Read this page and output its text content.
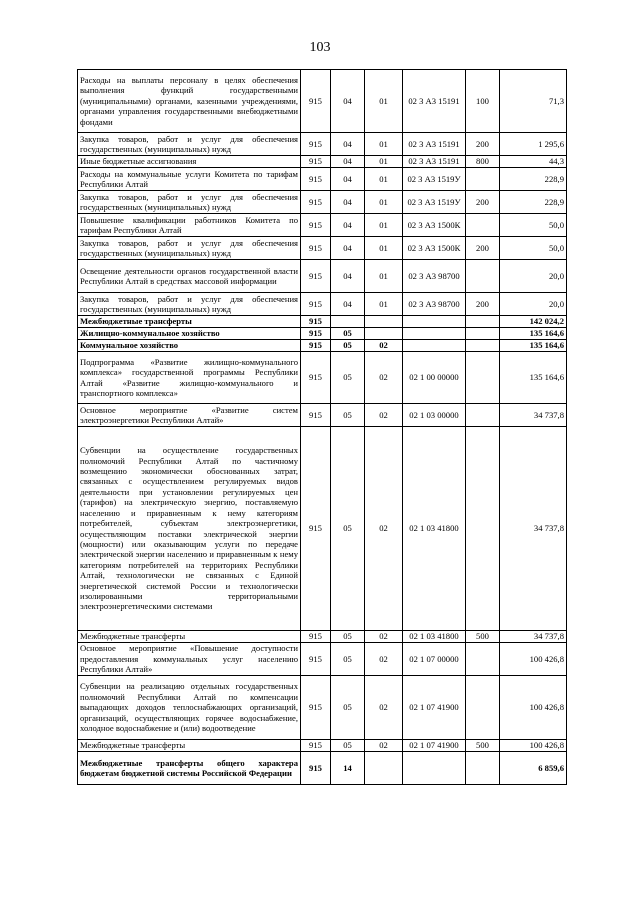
103
Расходы на выплаты персоналу в целях обеспечения выполнения функций государственными (муниципальными) органами, казенными учреждениями, органами управления государственными внебюджетными фондами	915	04	01	02 3 А3 15191	100	71,3
Закупка товаров, работ и услуг для обеспечения государственных (муниципальных) нужд	915	04	01	02 3 А3 15191	200	1 295,6
Иные бюджетные ассигнования	915	04	01	02 3 А3 15191	800	44,3
Расходы на коммунальные услуги Комитета по тарифам Республики Алтай	915	04	01	02 3 А3 1519У		228,9
Закупка товаров, работ и услуг для обеспечения государственных (муниципальных) нужд	915	04	01	02 3 А3 1519У	200	228,9
Повышение квалификации работников Комитета по тарифам Республики Алтай	915	04	01	02 3 А3 1500К		50,0
Закупка товаров, работ и услуг для обеспечения государственных (муниципальных) нужд	915	04	01	02 3 А3 1500К	200	50,0
Освещение деятельности органов государственной власти Республики Алтай в средствах массовой информации	915	04	01	02 3 А3 98700		20,0
Закупка товаров, работ и услуг для обеспечения государственных (муниципальных) нужд	915	04	01	02 3 А3 98700	200	20,0
Межбюджетные трансферты	915					142 024,2
Жилищно-коммунальное хозяйство	915	05				135 164,6
Коммунальное хозяйство	915	05	02			135 164,6
Подпрограмма «Развитие жилищно-коммунального комплекса» государственной программы Республики Алтай «Развитие жилищно-коммунального и транспортного комплекса»	915	05	02	02 1 00 00000		135 164,6
Основное мероприятие «Развитие систем электроэнергетики Республики Алтай»	915	05	02	02 1 03 00000		34 737,8
Субвенции на осуществление государственных полномочий Республики Алтай по частичному возмещению экономически обоснованных затрат, связанных с осуществлением регулируемых видов деятельности при установлении регулируемых цен (тарифов) на электрическую энергию, поставляемую населению и приравненным к нему категориям потребителей, субъектам электроэнергетики, осуществляющим поставки электрической энергии (мощности) или оказывающим услуги по передаче электрической энергии населению и приравненным к нему категориям потребителей на территориях Республики Алтай, технологически не связанных с Единой энергетической системой России и технологически изолированными территориальными электроэнергетическими системами	915	05	02	02 1 03 41800		34 737,8
Межбюджетные трансферты	915	05	02	02 1 03 41800	500	34 737,8
Основное мероприятие «Повышение доступности предоставления коммунальных услуг населению Республики Алтай»	915	05	02	02 1 07 00000		100 426,8
Субвенции на реализацию отдельных государственных полномочий Республики Алтай по компенсации выпадающих доходов теплоснабжающих организаций, организаций, осуществляющих горячее водоснабжение, холодное водоснабжение и (или) водоотведение	915	05	02	02 1 07 41900		100 426,8
Межбюджетные трансферты	915	05	02	02 1 07 41900	500	100 426,8
Межбюджетные трансферты общего характера бюджетам бюджетной системы Российской Федерации	915	14				6 859,6
